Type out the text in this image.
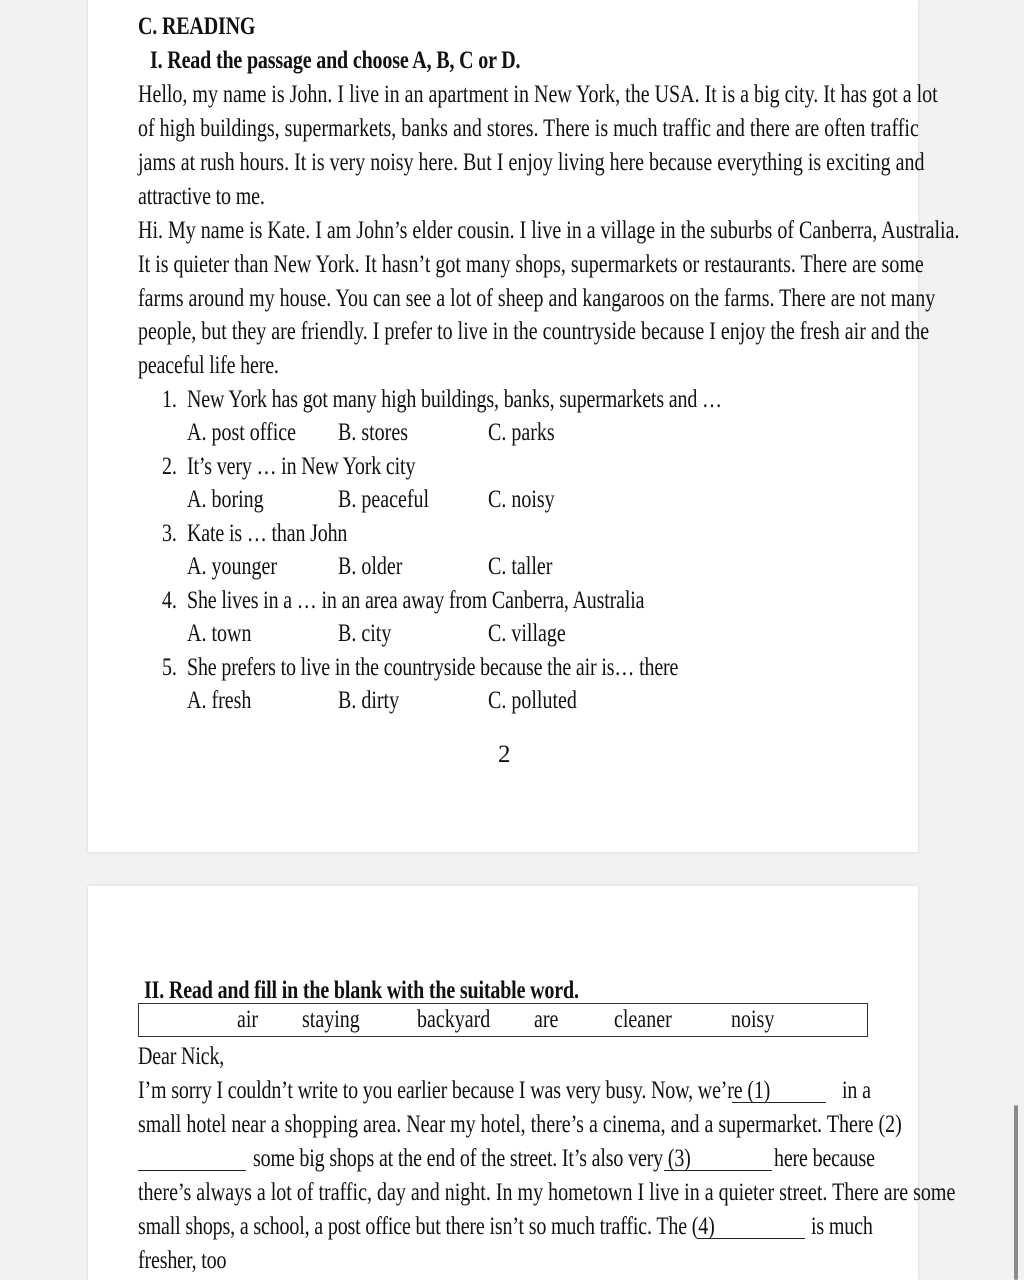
C. READING
I. Read the passage and choose A, B, C or D.
Hello, my name is John. I live in an apartment in New York, the USA. It is a big city. It has got a lot
of high buildings, supermarkets, banks and stores. There is much traffic and there are often traffic
jams at rush hours. It is very noisy here. But I enjoy living here because everything is exciting and
attractive to me.
Hi. My name is Kate. I am John’s elder cousin. I live in a village in the suburbs of Canberra, Australia.
It is quieter than New York. It hasn’t got many shops, supermarkets or restaurants. There are some
farms around my house. You can see a lot of sheep and kangaroos on the farms. There are not many
people, but they are friendly. I prefer to live in the countryside because I enjoy the fresh air and the
peaceful life here.
1. New York has got many high buildings, banks, supermarkets and …
A. post office B. stores	C. parks
2. It’s very … in New York city
A. boring	B. peaceful C. noisy
3. Kate is … than John
A. younger B. older	C. taller
4. She lives in a … in an area away from Canberra, Australia
A. town	B. city	C. village
5. She prefers to live in the countryside because the air is… there
A. fresh	B. dirty	C. polluted
2
II. Read and fill in the blank with the suitable word.
air staying backyard are cleaner noisy
Dear Nick,
I’m sorry I couldn’t write to you earlier because I was very busy. Now, we’re (1)	in a
small hotel near a shopping area. Near my hotel, there’s a cinema, and a supermarket. There (2)
some big shops at the end of the street. It’s also very (3)	here because
there’s always a lot of traffic, day and night. In my hometown I live in a quieter street. There are some
small shops, a school, a post office but there isn’t so much traffic. The (4)	is much
fresher, too
